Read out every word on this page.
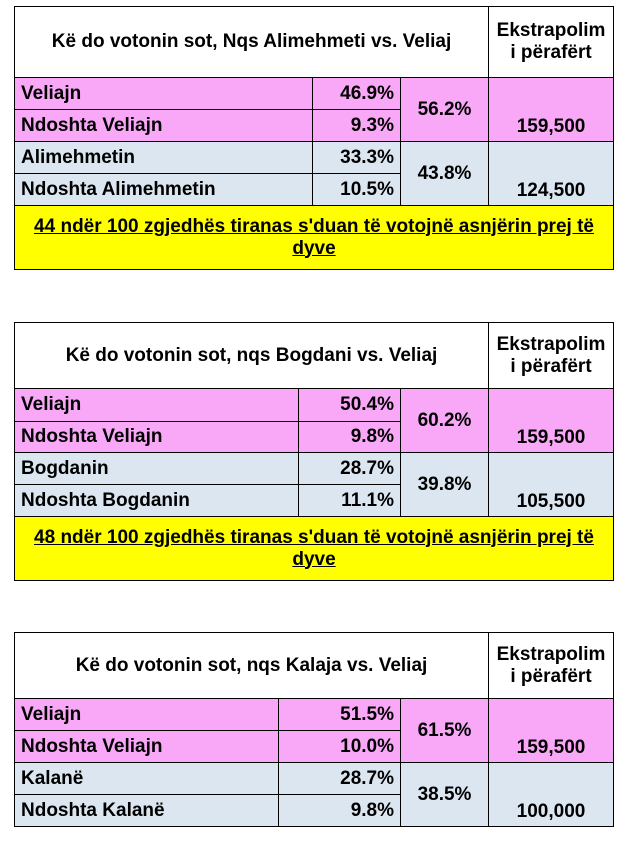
Kë do votonin sot, Nqs Alimehmeti vs. Veliaj			Ekstrapolim i përafërt
Veliajn	46.9%	56.2%	159,500
Ndoshta Veliajn	9.3%		
Alimehmetin	33.3%	43.8%	124,500
Ndoshta Alimehmetin	10.5%		
44 ndër 100 zgjedhës tiranas s'duan të votojnë asnjërin prej të dyve			
Kë do votonin sot, nqs Bogdani vs. Veliaj			Ekstrapolim i përafërt
Veliajn	50.4%	60.2%	159,500
Ndoshta Veliajn	9.8%		
Bogdanin	28.7%	39.8%	105,500
Ndoshta Bogdanin	11.1%		
48 ndër 100 zgjedhës tiranas s'duan të votojnë asnjërin prej të dyve			
Kë do votonin sot, nqs Kalaja vs. Veliaj			Ekstrapolim i përafërt
Veliajn	51.5%	61.5%	159,500
Ndoshta Veliajn	10.0%		
Kalanë	28.7%	38.5%	100,000
Ndoshta Kalanë	9.8%		
